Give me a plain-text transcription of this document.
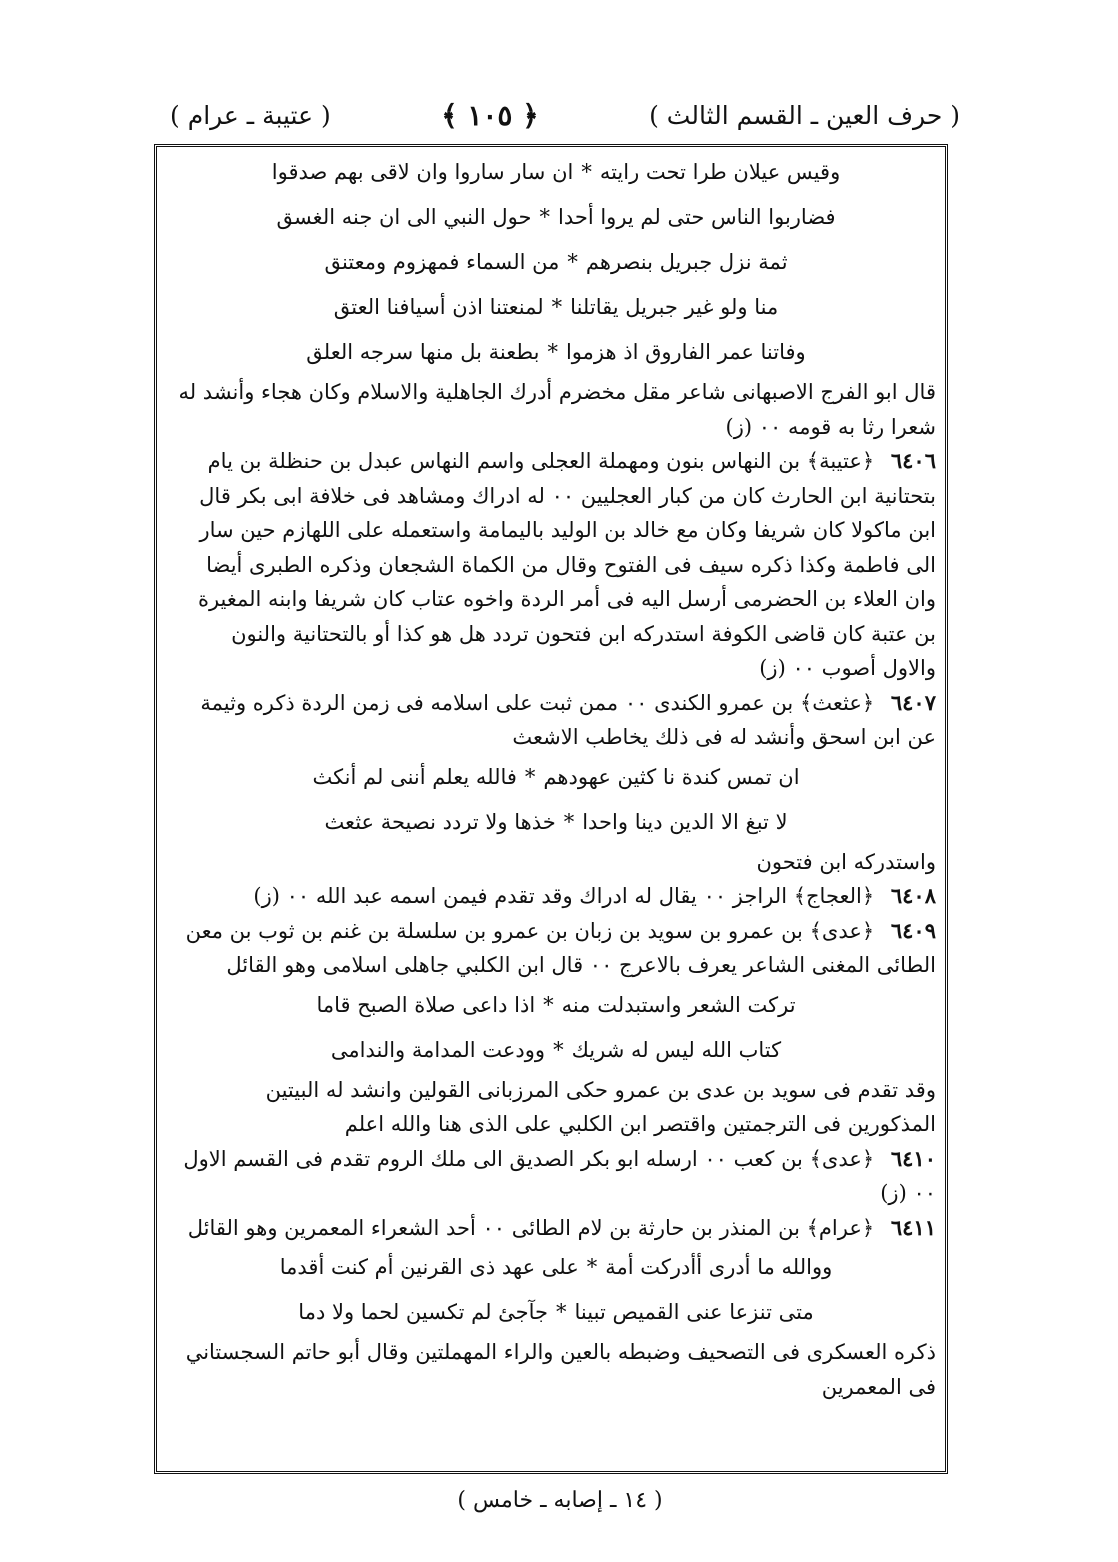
( حرف العين ـ القسم الثالث )
﴿ ١٠٥ ﴾
( عتيبة ـ عرام )
وقيس عيلان طرا تحت رايته
*
ان سار ساروا وان لاقى بهم صدقوا
فضاربوا الناس حتى لم يروا أحدا
*
حول النبي الى ان جنه الغسق
ثمة نزل جبريل بنصرهم
*
من السماء فمهزوم ومعتنق
منا ولو غير جبريل يقاتلنا
*
لمنعتنا اذن أسيافنا العتق
وفاتنا عمر الفاروق اذ هزموا
*
بطعنة بل منها سرجه العلق

قال ابو الفرج الاصبهانى شاعر مقل مخضرم أدرك الجاهلية والاسلام وكان هجاء وأنشد له شعرا رثا به قومه ٠٠ (ز)

٦٤٠٦ ﴿عتيبة﴾ بن النهاس بنون ومهملة العجلى واسم النهاس عبدل بن حنظلة بن يام بتحتانية ابن الحارث كان من كبار العجليين ٠٠ له ادراك ومشاهد فى خلافة ابى بكر قال ابن ماكولا كان شريفا وكان مع خالد بن الوليد باليمامة واستعمله على اللهازم حين سار الى فاطمة وكذا ذكره سيف فى الفتوح وقال من الكماة الشجعان وذكره الطبرى أيضا وان العلاء بن الحضرمى أرسل اليه فى أمر الردة واخوه عتاب كان شريفا وابنه المغيرة بن عتبة كان قاضى الكوفة استدركه ابن فتحون تردد هل هو كذا أو بالتحتانية والنون والاول أصوب ٠٠ (ز)

٦٤٠٧ ﴿عثعث﴾ بن عمرو الكندى ٠٠ ممن ثبت على اسلامه فى زمن الردة ذكره وثيمة عن ابن اسحق وأنشد له فى ذلك يخاطب الاشعث

ان تمس كندة نا كثين عهودهم
*
فالله يعلم أننى لم أنكث
لا تبغ الا الدين دينا واحدا
*
خذها ولا تردد نصيحة عثعث

واستدركه ابن فتحون

٦٤٠٨ ﴿العجاج﴾ الراجز ٠٠ يقال له ادراك وقد تقدم فيمن اسمه عبد الله ٠٠ (ز)

٦٤٠٩ ﴿عدى﴾ بن عمرو بن سويد بن زبان بن عمرو بن سلسلة بن غنم بن ثوب بن معن الطائى المغنى الشاعر يعرف بالاعرج ٠٠ قال ابن الكلبي جاهلى اسلامى وهو القائل

تركت الشعر واستبدلت منه
*
اذا داعى صلاة الصبح قاما
كتاب الله ليس له شريك
*
وودعت المدامة والندامى

وقد تقدم فى سويد بن عدى بن عمرو حكى المرزبانى القولين وانشد له البيتين المذكورين فى الترجمتين واقتصر ابن الكلبي على الذى هنا والله اعلم

٦٤١٠ ﴿عدى﴾ بن كعب ٠٠ ارسله ابو بكر الصديق الى ملك الروم تقدم فى القسم الاول ٠٠ (ز)

٦٤١١ ﴿عرام﴾ بن المنذر بن حارثة بن لام الطائى ٠٠ أحد الشعراء المعمرين وهو القائل

ووالله ما أدرى أأدركت أمة
*
على عهد ذى القرنين أم كنت أقدما
متى تنزعا عنى القميص تبينا
*
جآجئ لم تكسين لحما ولا دما

ذكره العسكرى فى التصحيف وضبطه بالعين والراء المهملتين وقال أبو حاتم السجستاني فى المعمرين

( ١٤ ـ إصابه ـ خامس )
